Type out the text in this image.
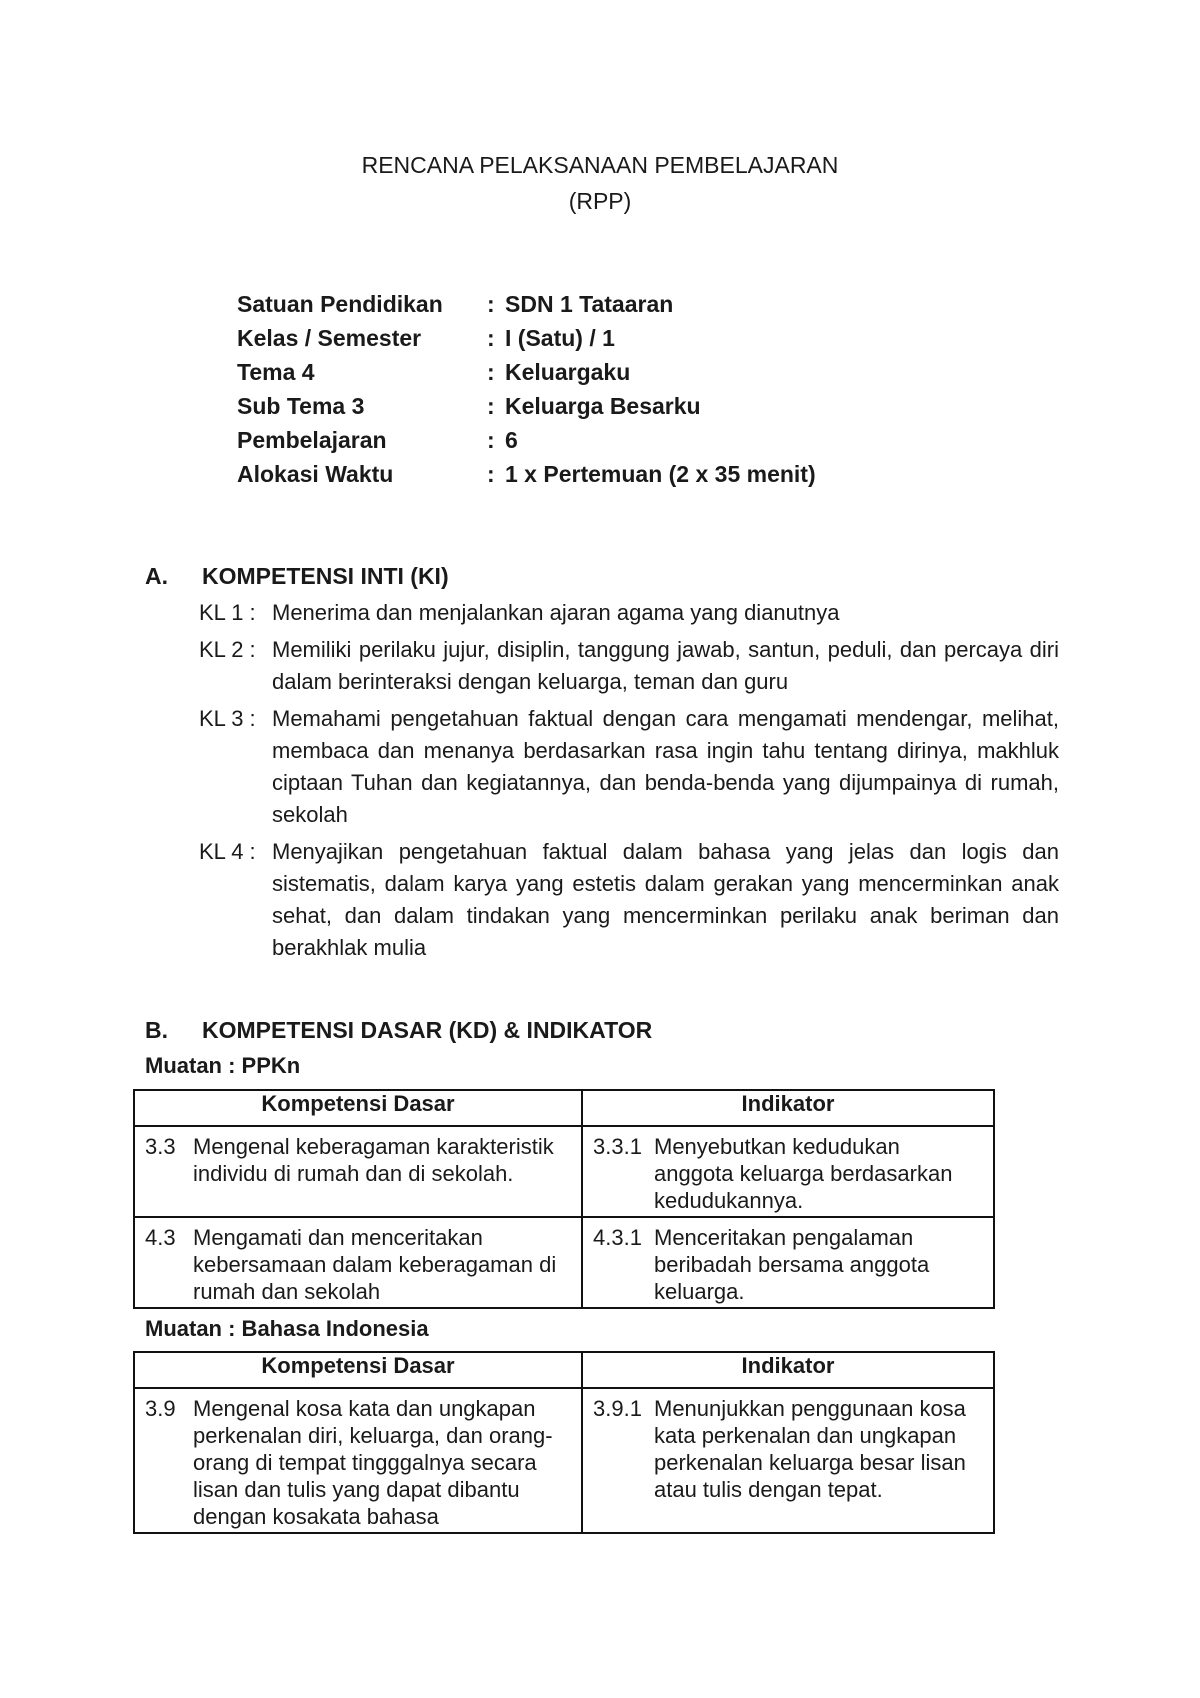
RENCANA PELAKSANAAN PEMBELAJARAN
(RPP)
Satuan Pendidikan	: SDN 1 Tataaran
Kelas / Semester	: I (Satu) / 1
Tema 4	: Keluargaku
Sub Tema 3	: Keluarga Besarku
Pembelajaran	: 6
Alokasi Waktu	: 1 x Pertemuan (2 x 35 menit)
A.	KOMPETENSI INTI (KI)
KL 1 : Menerima dan menjalankan ajaran agama yang dianutnya
KL 2 : Memiliki perilaku jujur, disiplin, tanggung jawab, santun, peduli, dan percaya diri dalam berinteraksi dengan keluarga, teman dan guru
KL 3 : Memahami pengetahuan faktual dengan cara mengamati mendengar, melihat, membaca dan menanya berdasarkan rasa ingin tahu tentang dirinya, makhluk ciptaan Tuhan dan kegiatannya, dan benda-benda yang dijumpainya di rumah, sekolah
KL 4 : Menyajikan pengetahuan faktual dalam bahasa yang jelas dan logis dan sistematis, dalam karya yang estetis dalam gerakan yang mencerminkan anak sehat, dan dalam tindakan yang mencerminkan perilaku anak beriman dan berakhlak mulia
B.	KOMPETENSI DASAR (KD) & INDIKATOR
Muatan : PPKn
Kompetensi Dasar	Indikator

3.3 Mengenal keberagaman karakteristik individu di rumah dan di sekolah.	3.3.1 Menyebutkan kedudukan anggota keluarga berdasarkan kedudukannya.

4.3 Mengamati dan menceritakan kebersamaan dalam keberagaman di rumah dan sekolah	4.3.1 Menceritakan pengalaman beribadah bersama anggota keluarga.
Muatan : Bahasa Indonesia
Kompetensi Dasar	Indikator

3.9 Mengenal kosa kata dan ungkapan perkenalan diri, keluarga, dan orang-orang di tempat tingggalnya secara lisan dan tulis yang dapat dibantu dengan kosakata bahasa	3.9.1 Menunjukkan penggunaan kosa kata perkenalan dan ungkapan perkenalan keluarga besar lisan atau tulis dengan tepat.
